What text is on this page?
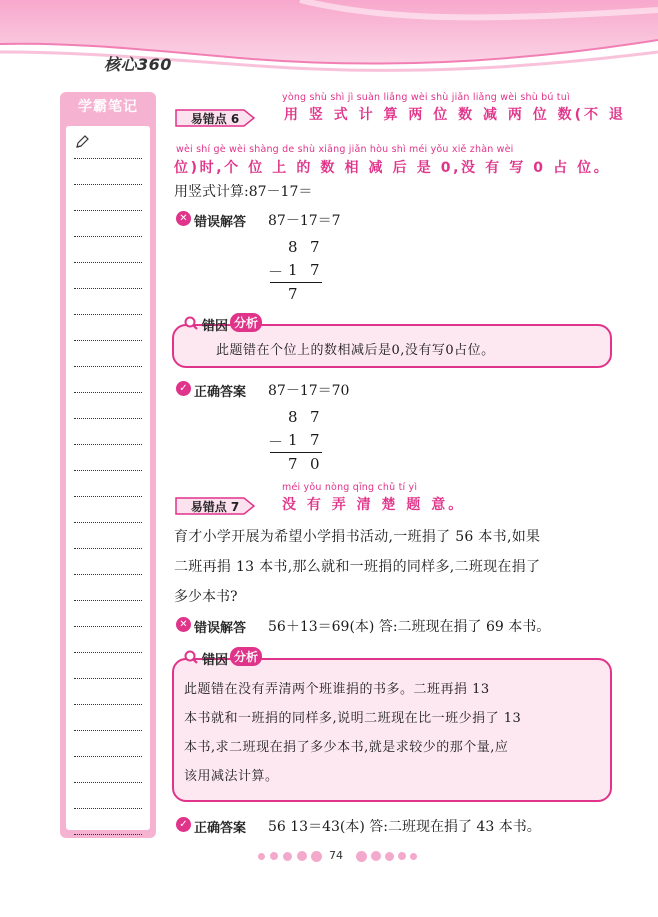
核心360
学霸笔记
易错点 6
yòng shù shì jì suàn liǎng wèi shù jiǎn liǎng wèi shù bú tuì
用 竖 式 计 算 两 位 数 减 两 位 数(不 退
wèi shí gè wèi shàng de shù xiāng jiǎn hòu shì méi yǒu xiě zhàn wèi
位)时,个 位 上 的 数 相 减 后 是 0,没 有 写 0 占 位。
用竖式计算:87－17＝
✕ 错误解答 87－17＝7
8 7
－ 1 7
7
错因 分析
此题错在个位上的数相减后是0,没有写0占位。
✓ 正确答案 87－17＝70
8 7
－ 1 7
7 0
易错点 7
méi yǒu nòng qīng chǔ tí yì
没 有 弄 清 楚 题 意。
育才小学开展为希望小学捐书活动,一班捐了 56 本书,如果
二班再捐 13 本书,那么就和一班捐的同样多,二班现在捐了
多少本书?
✕ 错误解答 56＋13＝69(本) 答:二班现在捐了 69 本书。
错因 分析
此题错在没有弄清两个班谁捐的书多。二班再捐 13
本书就和一班捐的同样多,说明二班现在比一班少捐了 13
本书,求二班现在捐了多少本书,就是求较少的那个量,应
该用减法计算。
✓ 正确答案 56 13＝43(本) 答:二班现在捐了 43 本书。
74
